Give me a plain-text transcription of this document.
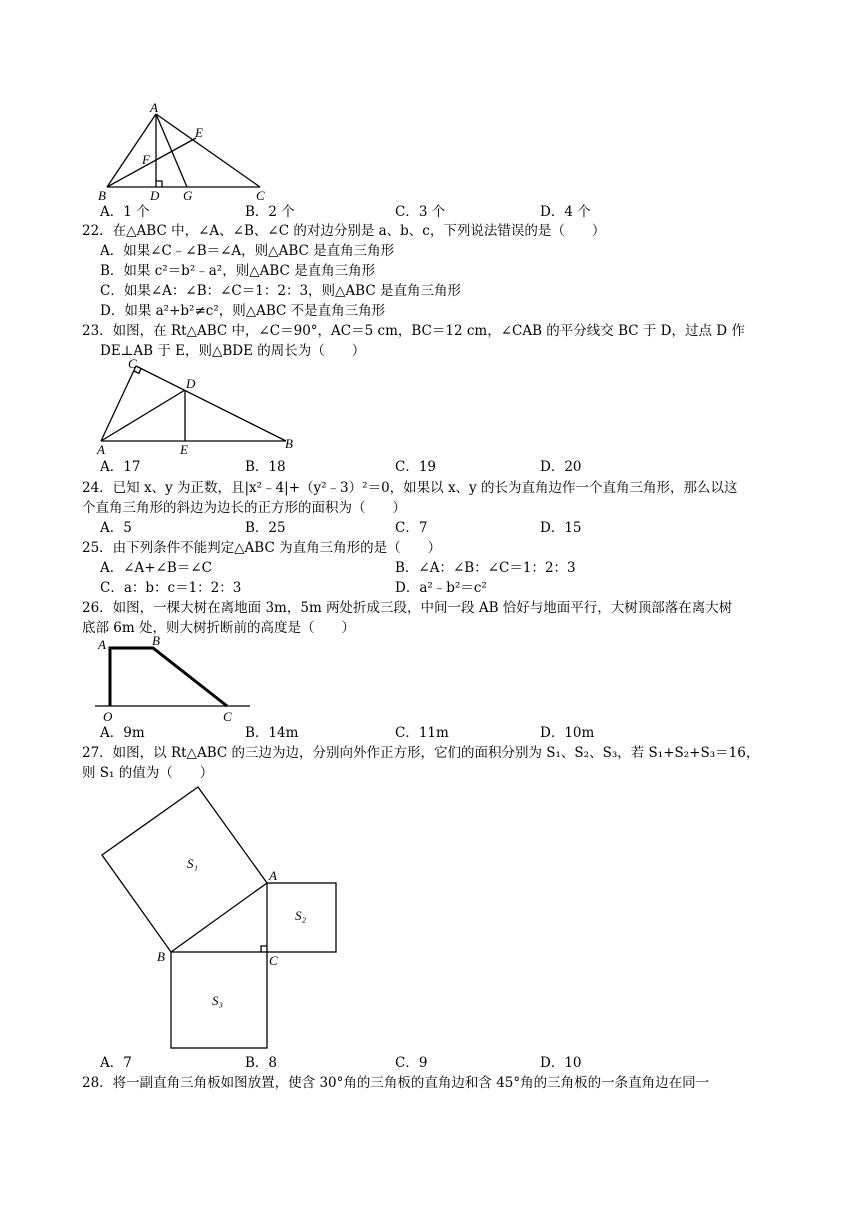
A
E
F
B	D G	C
A．1 个	B．2 个	C．3 个	D．4 个
22．在△ABC 中，∠A、∠B、∠C 的对边分别是 a、b、c，下列说法错误的是（　　）
A．如果∠C﹣∠B＝∠A，则△ABC 是直角三角形
B．如果 c²＝b²﹣a²，则△ABC 是直角三角形
C．如果∠A：∠B：∠C＝1：2：3，则△ABC 是直角三角形
D．如果 a²+b²≠c²，则△ABC 不是直角三角形
23．如图，在 Rt△ABC 中，∠C＝90°，AC＝5 cm，BC＝12 cm，∠CAB 的平分线交 BC 于 D，过点 D 作
DE⊥AB 于 E，则△BDE 的周长为（　　）
C
D
A	E	B
A．17	B．18	C．19	D．20
24．已知 x、y 为正数，且|x²﹣4|+（y²﹣3）²＝0，如果以 x、y 的长为直角边作一个直角三角形，那么以这
个直角三角形的斜边为边长的正方形的面积为（　　）
A．5	B．25	C．7	D．15
25．由下列条件不能判定△ABC 为直角三角形的是（　　）
A．∠A+∠B＝∠C	B．∠A：∠B：∠C＝1：2：3
C．a：b：c＝1：2：3	D．a²﹣b²＝c²
26．如图，一棵大树在离地面 3m，5m 两处折成三段，中间一段 AB 恰好与地面平行，大树顶部落在离大树
底部 6m 处，则大树折断前的高度是（　　）
A	B
O	C
A．9m	B．14m	C．11m	D．10m
27．如图，以 Rt△ABC 的三边为边，分别向外作正方形，它们的面积分别为 S₁、S₂、S₃，若 S₁+S₂+S₃＝16，
则 S₁ 的值为（　　）
S₁
S₂
S₃
A
B	C
A．7	B．8	C．9	D．10
28．将一副直角三角板如图放置，使含 30°角的三角板的直角边和含 45°角的三角板的一条直角边在同一
